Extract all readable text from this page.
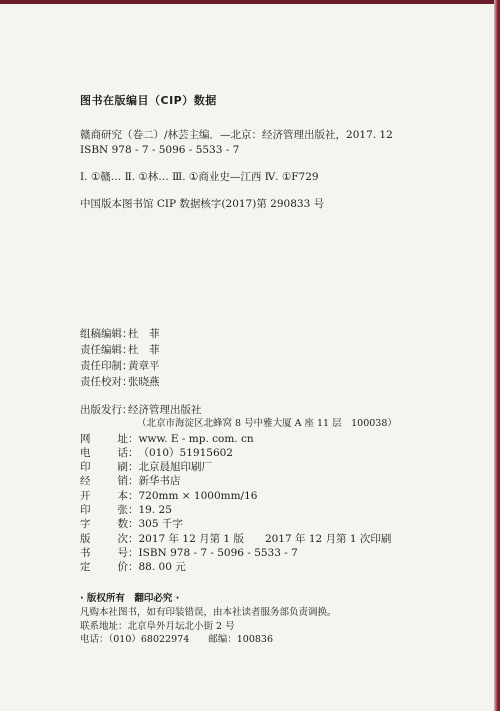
图书在版编目（CIP）数据
赣商研究（卷二）/林芸主编．—北京：经济管理出版社，2017. 12
ISBN 978 - 7 - 5096 - 5533 - 7
Ⅰ. ①赣… Ⅱ. ①林… Ⅲ. ①商业史—江西 Ⅳ. ①F729
中国版本图书馆 CIP 数据核字(2017)第 290833 号
组稿编辑：
杜　菲
责任编辑：
杜　菲
责任印制：
黄章平
责任校对：
张晓燕
出版发行：
经济管理出版社
（北京市海淀区北蜂窝 8 号中雅大厦 A 座 11 层　100038）
网	址 ： www. E - mp. com. cn
电	话 ： （010）51915602
印	刷 ： 北京晨旭印刷厂
经	销 ： 新华书店
开	本 ： 720mm × 1000mm/16
印	张 ： 19. 25
字	数 ： 305 千字
版	次 ： 2017 年 12 月第 1 版　　2017 年 12 月第 1 次印刷
书	号 ： ISBN 978 - 7 - 5096 - 5533 - 7
定	价 ： 88. 00 元
· 版权所有　翻印必究 ·
凡购本社图书，如有印装错误，由本社读者服务部负责调换。
联系地址：北京阜外月坛北小街 2 号
电话：（010）68022974　　邮编：100836
